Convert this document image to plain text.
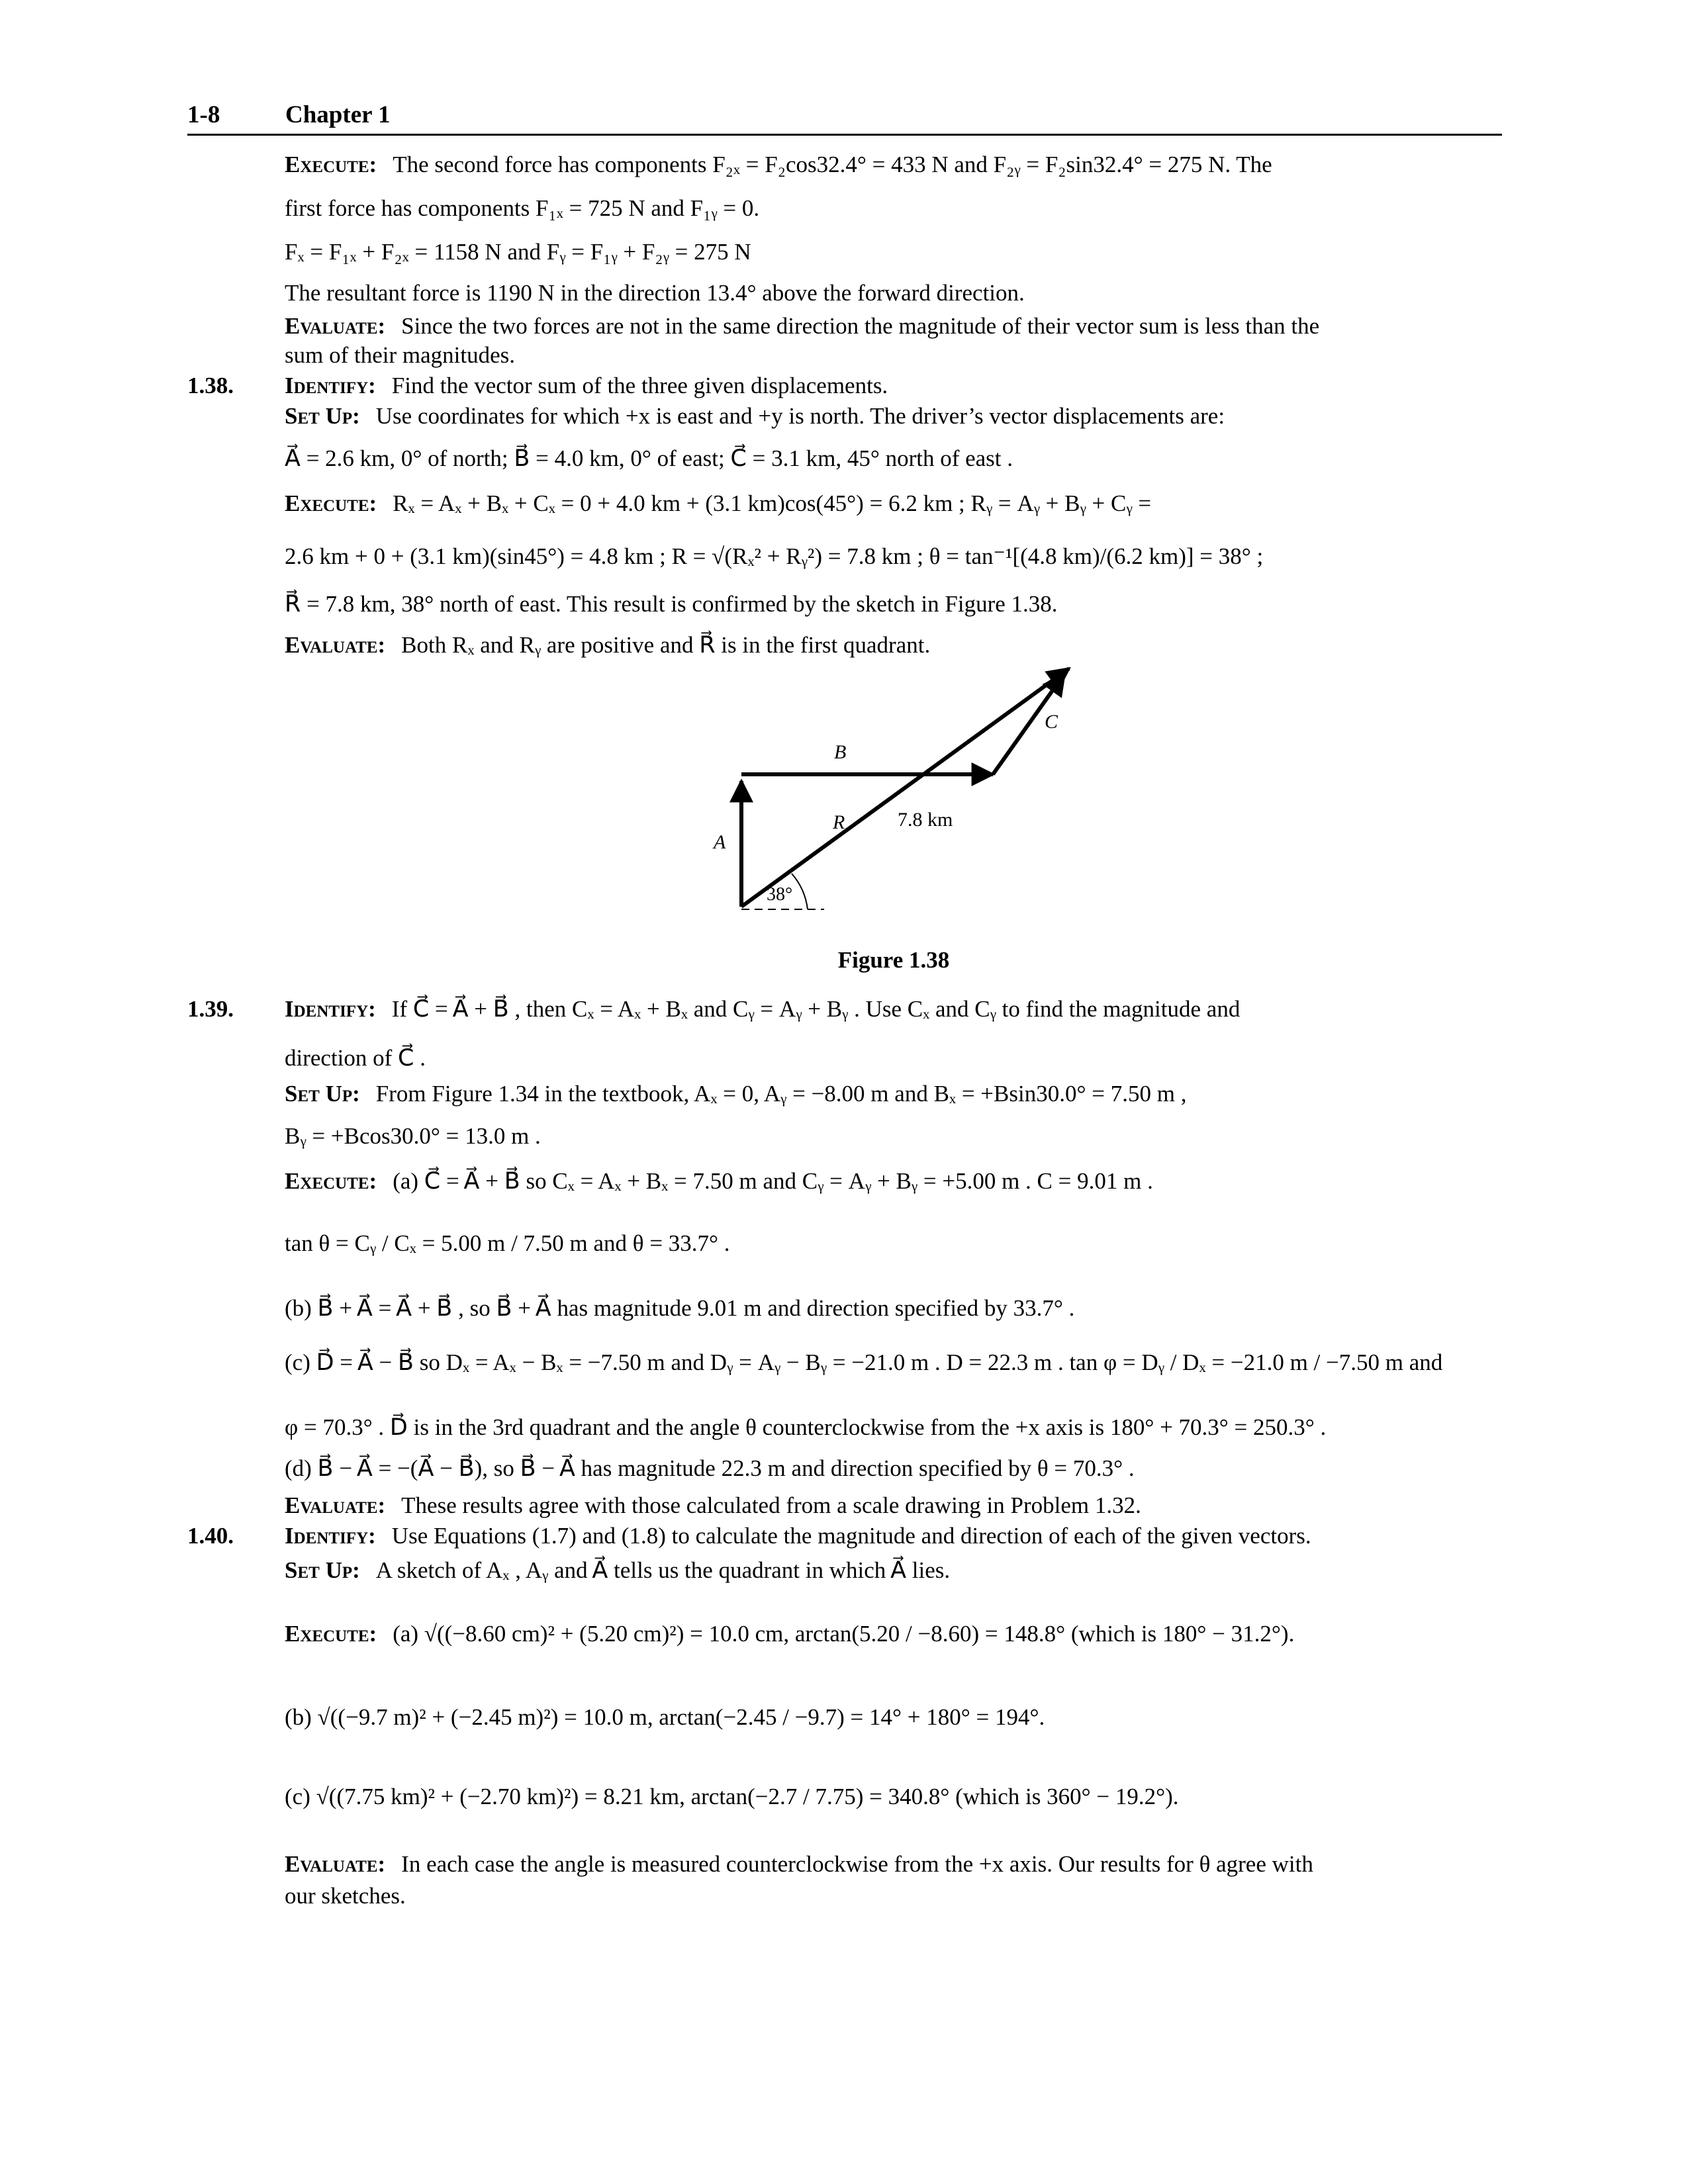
1-8	Chapter 1
Execute: The second force has components F₂ₓ = F₂cos32.4° = 433 N and F₂ᵧ = F₂sin32.4° = 275 N. The
first force has components F₁ₓ = 725 N and F₁ᵧ = 0.
Fₓ = F₁ₓ + F₂ₓ = 1158 N and Fᵧ = F₁ᵧ + F₂ᵧ = 275 N
The resultant force is 1190 N in the direction 13.4° above the forward direction.
Evaluate: Since the two forces are not in the same direction the magnitude of their vector sum is less than the
sum of their magnitudes.
Identify: Find the vector sum of the three given displacements.
Set Up: Use coordinates for which +x is east and +y is north. The driver’s vector displacements are:
A⃗ = 2.6 km, 0° of north; B⃗ = 4.0 km, 0° of east; C⃗ = 3.1 km, 45° north of east .
Execute: Rₓ = Aₓ + Bₓ + Cₓ = 0 + 4.0 km + (3.1 km)cos(45°) = 6.2 km ; Rᵧ = Aᵧ + Bᵧ + Cᵧ =
2.6 km + 0 + (3.1 km)(sin45°) = 4.8 km ; R = √(Rₓ² + Rᵧ²) = 7.8 km ; θ = tan⁻¹[(4.8 km)/(6.2 km)] = 38° ;
R⃗ = 7.8 km, 38° north of east. This result is confirmed by the sketch in Figure 1.38.
Evaluate: Both Rₓ and Rᵧ are positive and R⃗ is in the first quadrant.
Identify: If C⃗ = A⃗ + B⃗ , then Cₓ = Aₓ + Bₓ and Cᵧ = Aᵧ + Bᵧ . Use Cₓ and Cᵧ to find the magnitude and
direction of C⃗ .
Set Up: From Figure 1.34 in the textbook, Aₓ = 0, Aᵧ = −8.00 m and Bₓ = +Bsin30.0° = 7.50 m ,
Bᵧ = +Bcos30.0° = 13.0 m .
Execute: (a) C⃗ = A⃗ + B⃗ so Cₓ = Aₓ + Bₓ = 7.50 m and Cᵧ = Aᵧ + Bᵧ = +5.00 m . C = 9.01 m .
tan θ = Cᵧ / Cₓ = 5.00 m / 7.50 m and θ = 33.7° .
(b) B⃗ + A⃗ = A⃗ + B⃗ , so B⃗ + A⃗ has magnitude 9.01 m and direction specified by 33.7° .
(c) D⃗ = A⃗ − B⃗ so Dₓ = Aₓ − Bₓ = −7.50 m and Dᵧ = Aᵧ − Bᵧ = −21.0 m . D = 22.3 m . tan φ = Dᵧ / Dₓ = −21.0 m / −7.50 m and
φ = 70.3° . D⃗ is in the 3rd quadrant and the angle θ counterclockwise from the +x axis is 180° + 70.3° = 250.3° .
(d) B⃗ − A⃗ = −(A⃗ − B⃗), so B⃗ − A⃗ has magnitude 22.3 m and direction specified by θ = 70.3° .
Evaluate: These results agree with those calculated from a scale drawing in Problem 1.32.
Identify: Use Equations (1.7) and (1.8) to calculate the magnitude and direction of each of the given vectors.
Set Up: A sketch of Aₓ , Aᵧ and A⃗ tells us the quadrant in which A⃗ lies.
Execute: (a) √((−8.60 cm)² + (5.20 cm)²) = 10.0 cm, arctan(5.20 / −8.60) = 148.8° (which is 180° − 31.2°).
(b) √((−9.7 m)² + (−2.45 m)²) = 10.0 m, arctan(−2.45 / −9.7) = 14° + 180° = 194°.
(c) √((7.75 km)² + (−2.70 km)²) = 8.21 km, arctan(−2.7 / 7.75) = 340.8° (which is 360° − 19.2°).
Evaluate: In each case the angle is measured counterclockwise from the +x axis. Our results for θ agree with
our sketches.
1.38.
1.39.
1.40.
A⃗
B⃗
C⃗
R⃗ 7.8 km
38°
Figure 1.38
